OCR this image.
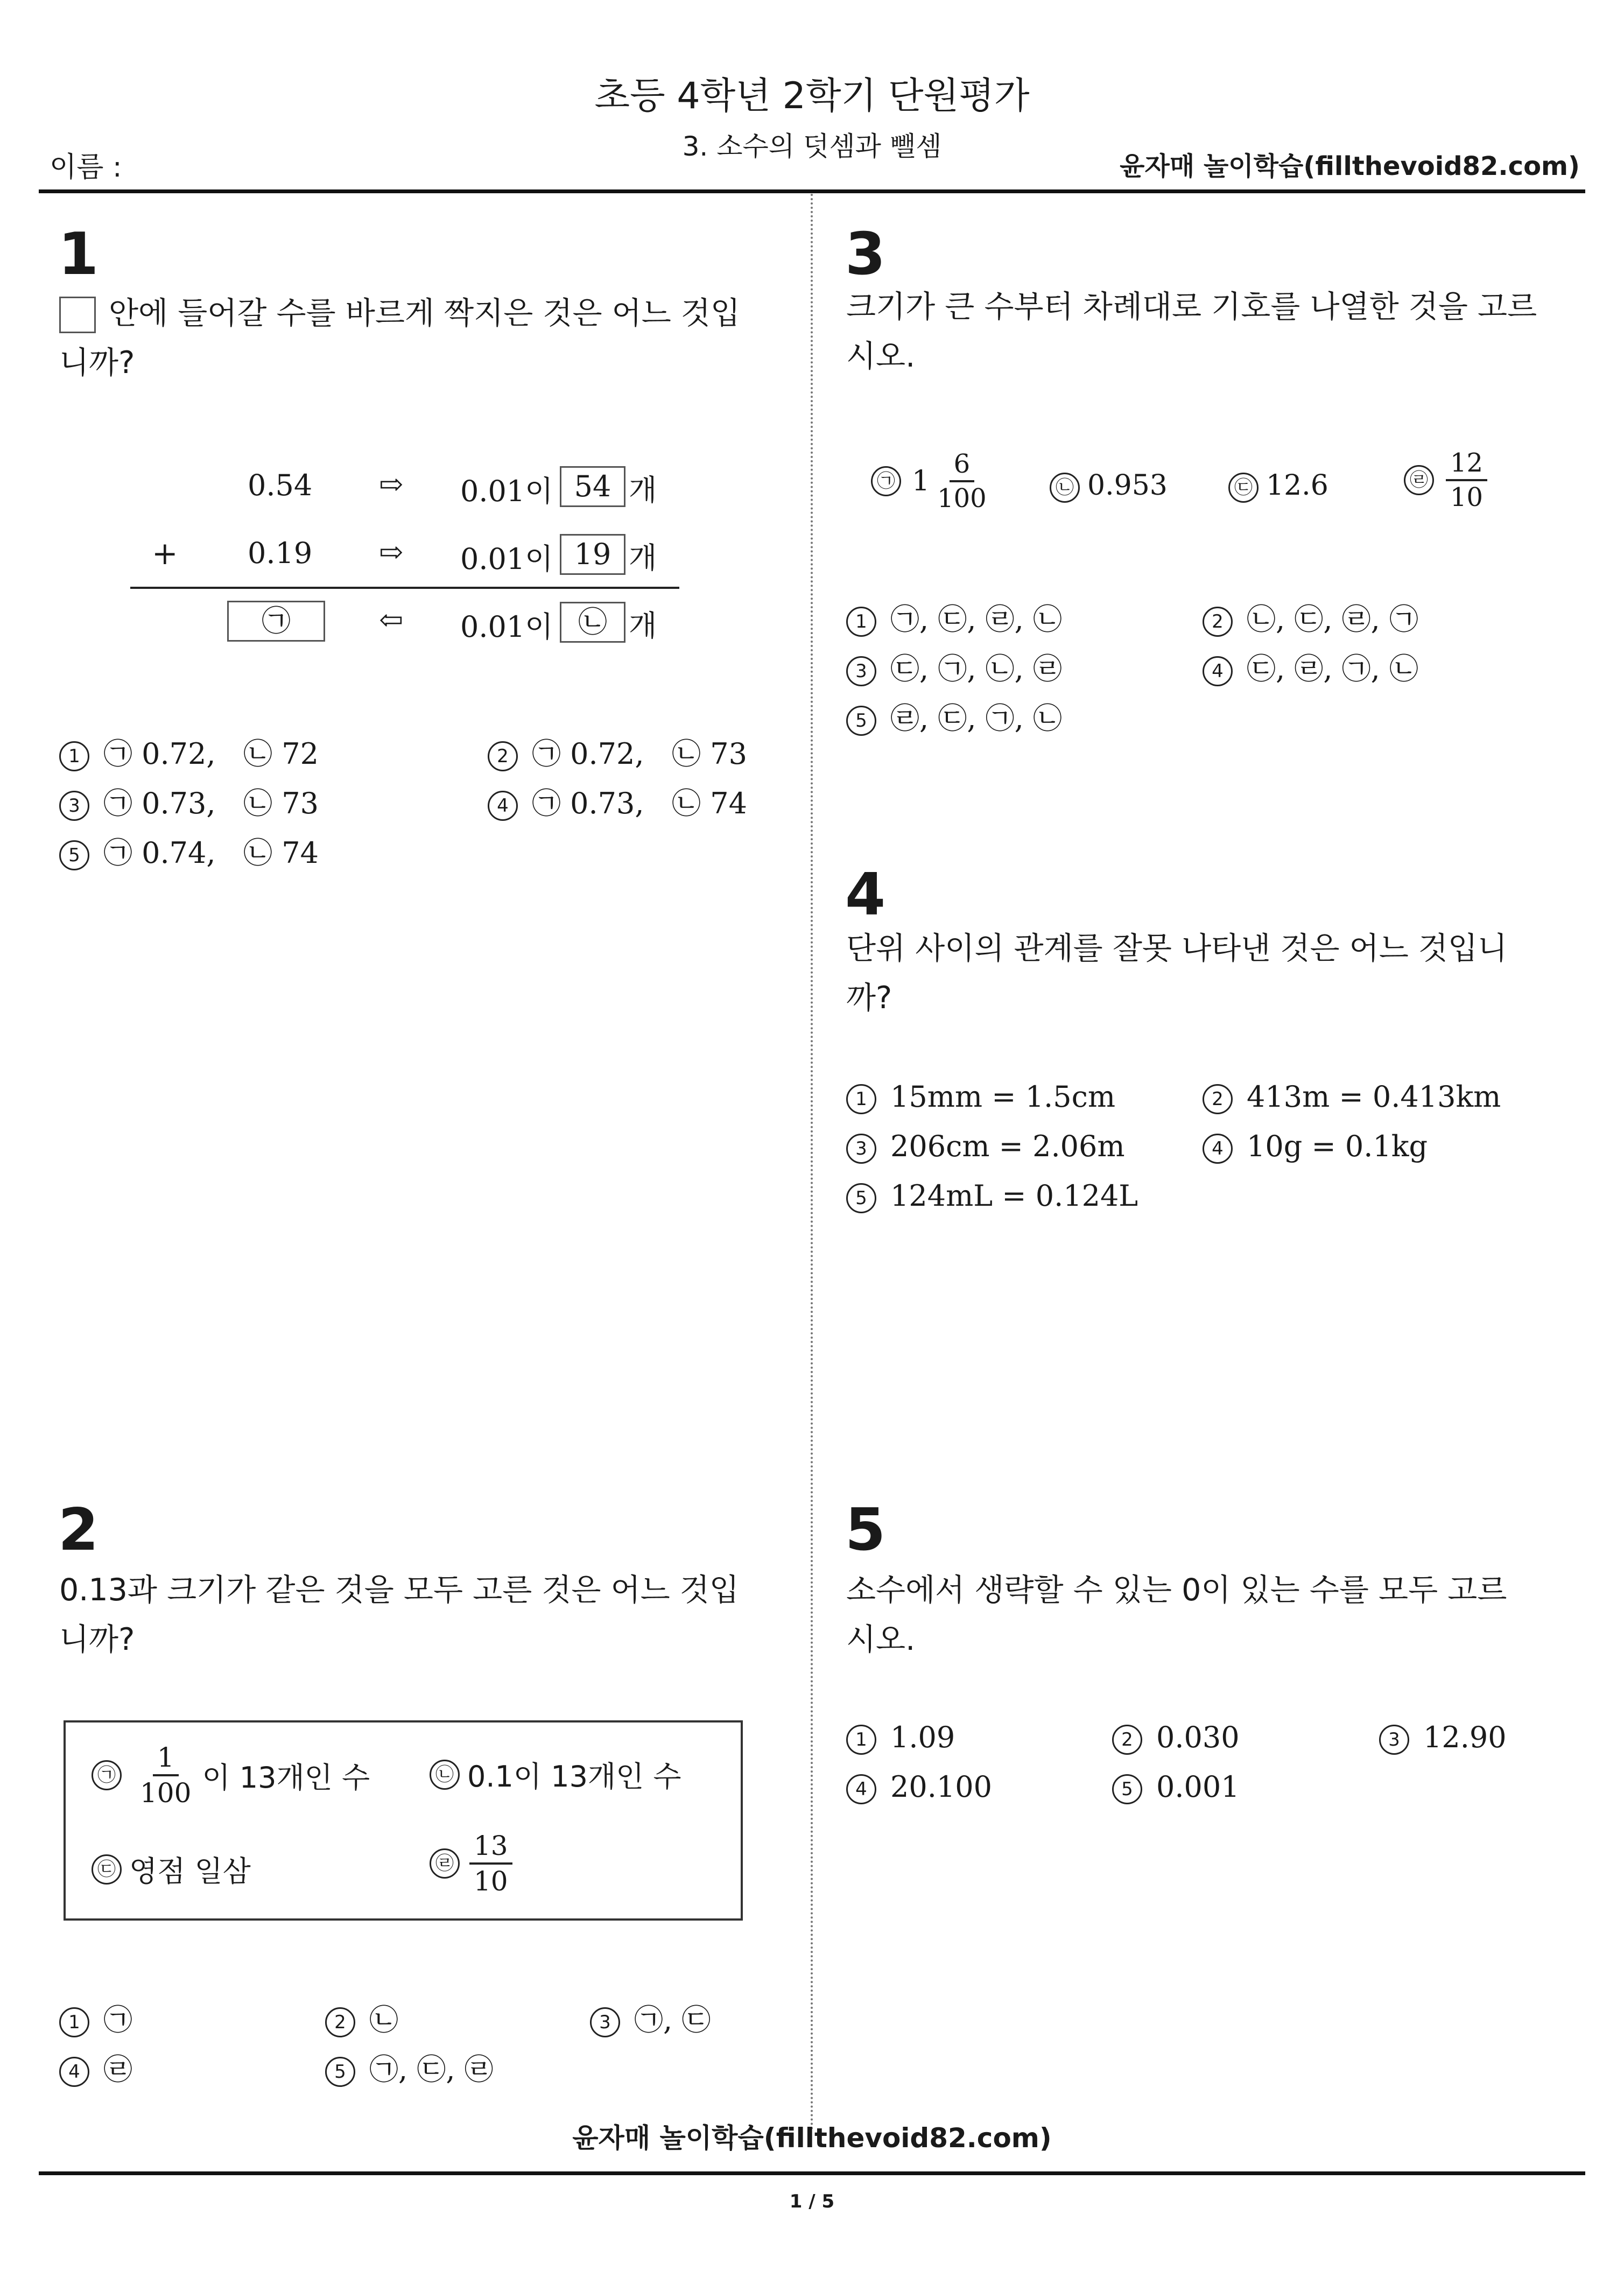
초등 4학년 2학기 단원평가
3. 소수의 덧셈과 뺄셈
이름 :	윤자매 놀이학습(fillthevoid82.com)
1
안에 들어갈 수를 바르게 짝지은 것은 어느 것입
니까?
0.54 ⇨ 0.01이 54 개
+ 0.19 ⇨ 0.01이 19 개
㉠	⇦ 0.01이 ㉡ 개
1 ㉠ 0.72,   ㉡ 72	2 ㉠ 0.72,   ㉡ 73
3 ㉠ 0.73,   ㉡ 73	4 ㉠ 0.73,   ㉡ 74
5 ㉠ 0.74,   ㉡ 74
2
0.13과 크기가 같은 것을 모두 고른 것은 어느 것입
니까?
㉠ $\frac{1}{100}$ 이 13개인 수	㉡ 0.1이 13개인 수
㉢ 영점 일삼	㉣ $\frac{13}{10}$
1 ㉠	2 ㉡	3 ㉠, ㉢
4 ㉣	5 ㉠, ㉢, ㉣
3
크기가 큰 수부터 차례대로 기호를 나열한 것을 고르
시오.
㉠ $1 \frac{6}{100}$	㉡ 0.953	㉢ 12.6	㉣ $\frac{12}{10}$
1 ㉠, ㉢, ㉣, ㉡	2 ㉡, ㉢, ㉣, ㉠
3 ㉢, ㉠, ㉡, ㉣	4 ㉢, ㉣, ㉠, ㉡
5 ㉣, ㉢, ㉠, ㉡
4
단위 사이의 관계를 잘못 나타낸 것은 어느 것입니
까?
1 15mm = 1.5cm	2 413m = 0.413km
3 206cm = 2.06m	4 10g = 0.1kg
5 124mL = 0.124L
5
소수에서 생략할 수 있는 0이 있는 수를 모두 고르
시오.
1 1.09	2 0.030	3 12.90
4 20.100	5 0.001
윤자매 놀이학습(fillthevoid82.com)
1 / 5
